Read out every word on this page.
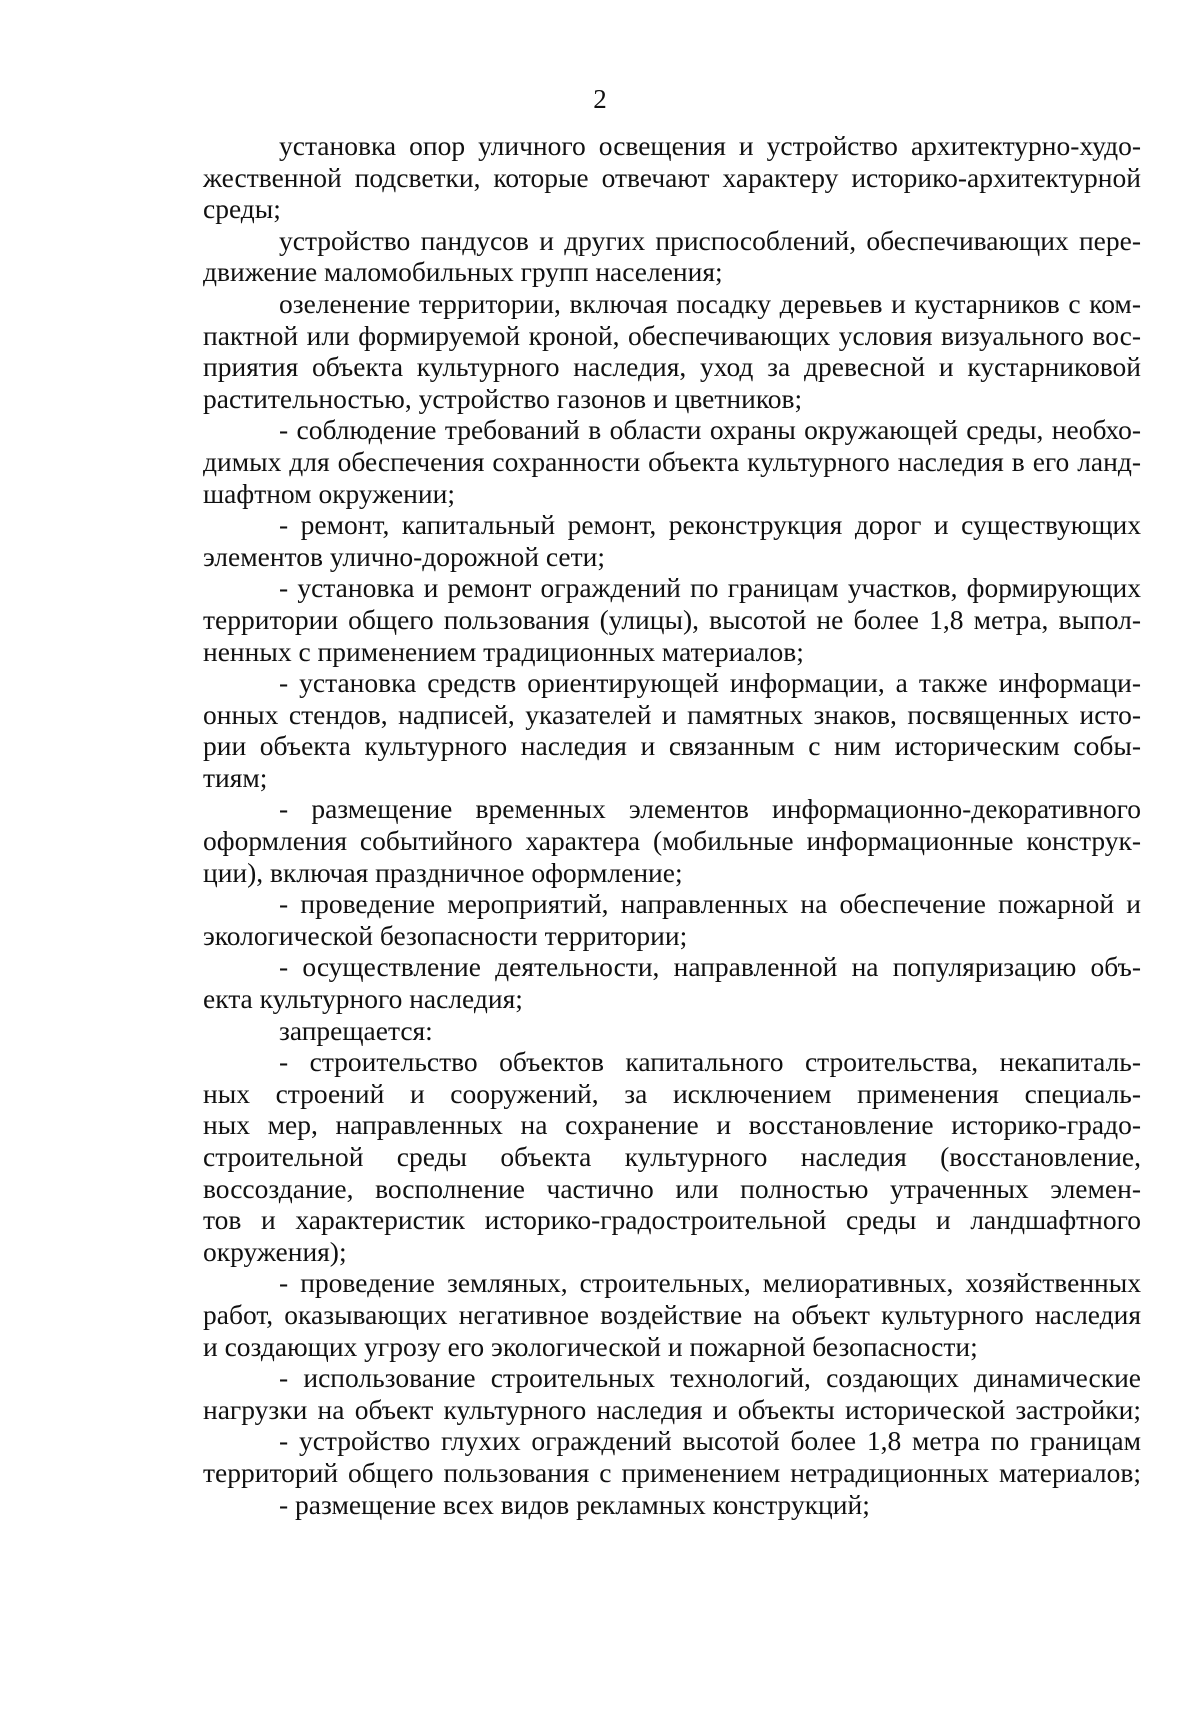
2
установка опор уличного освещения и устройство архитектурно-худо-
жественной подсветки, которые отвечают характеру историко-архитектурной
среды;
устройство пандусов и других приспособлений, обеспечивающих пере-
движение маломобильных групп населения;
озеленение территории, включая посадку деревьев и кустарников с ком-
пактной или формируемой кроной, обеспечивающих условия визуального вос-
приятия объекта культурного наследия, уход за древесной и кустарниковой
растительностью, устройство газонов и цветников;
- соблюдение требований в области охраны окружающей среды, необхо-
димых для обеспечения сохранности объекта культурного наследия в его ланд-
шафтном окружении;
- ремонт, капитальный ремонт, реконструкция дорог и существующих
элементов улично-дорожной сети;
- установка и ремонт ограждений по границам участков, формирующих
территории общего пользования (улицы), высотой не более 1,8 метра, выпол-
ненных с применением традиционных материалов;
- установка средств ориентирующей информации, а также информаци-
онных стендов, надписей, указателей и памятных знаков, посвященных исто-
рии объекта культурного наследия и связанным с ним историческим собы-
тиям;
- размещение временных элементов информационно-декоративного
оформления событийного характера (мобильные информационные конструк-
ции), включая праздничное оформление;
- проведение мероприятий, направленных на обеспечение пожарной и
экологической безопасности территории;
- осуществление деятельности, направленной на популяризацию объ-
екта культурного наследия;
запрещается:
- строительство объектов капитального строительства, некапиталь-
ных строений и сооружений, за исключением применения специаль-
ных мер, направленных на сохранение и восстановление историко-градо-
строительной среды объекта культурного наследия (восстановление,
воссоздание, восполнение частично или полностью утраченных элемен-
тов и характеристик историко-градостроительной среды и ландшафтного
окружения);
- проведение земляных, строительных, мелиоративных, хозяйственных
работ, оказывающих негативное воздействие на объект культурного наследия
и создающих угрозу его экологической и пожарной безопасности;
- использование строительных технологий, создающих динамические
нагрузки на объект культурного наследия и объекты исторической застройки;
- устройство глухих ограждений высотой более 1,8 метра по границам
территорий общего пользования с применением нетрадиционных материалов;
- размещение всех видов рекламных конструкций;
